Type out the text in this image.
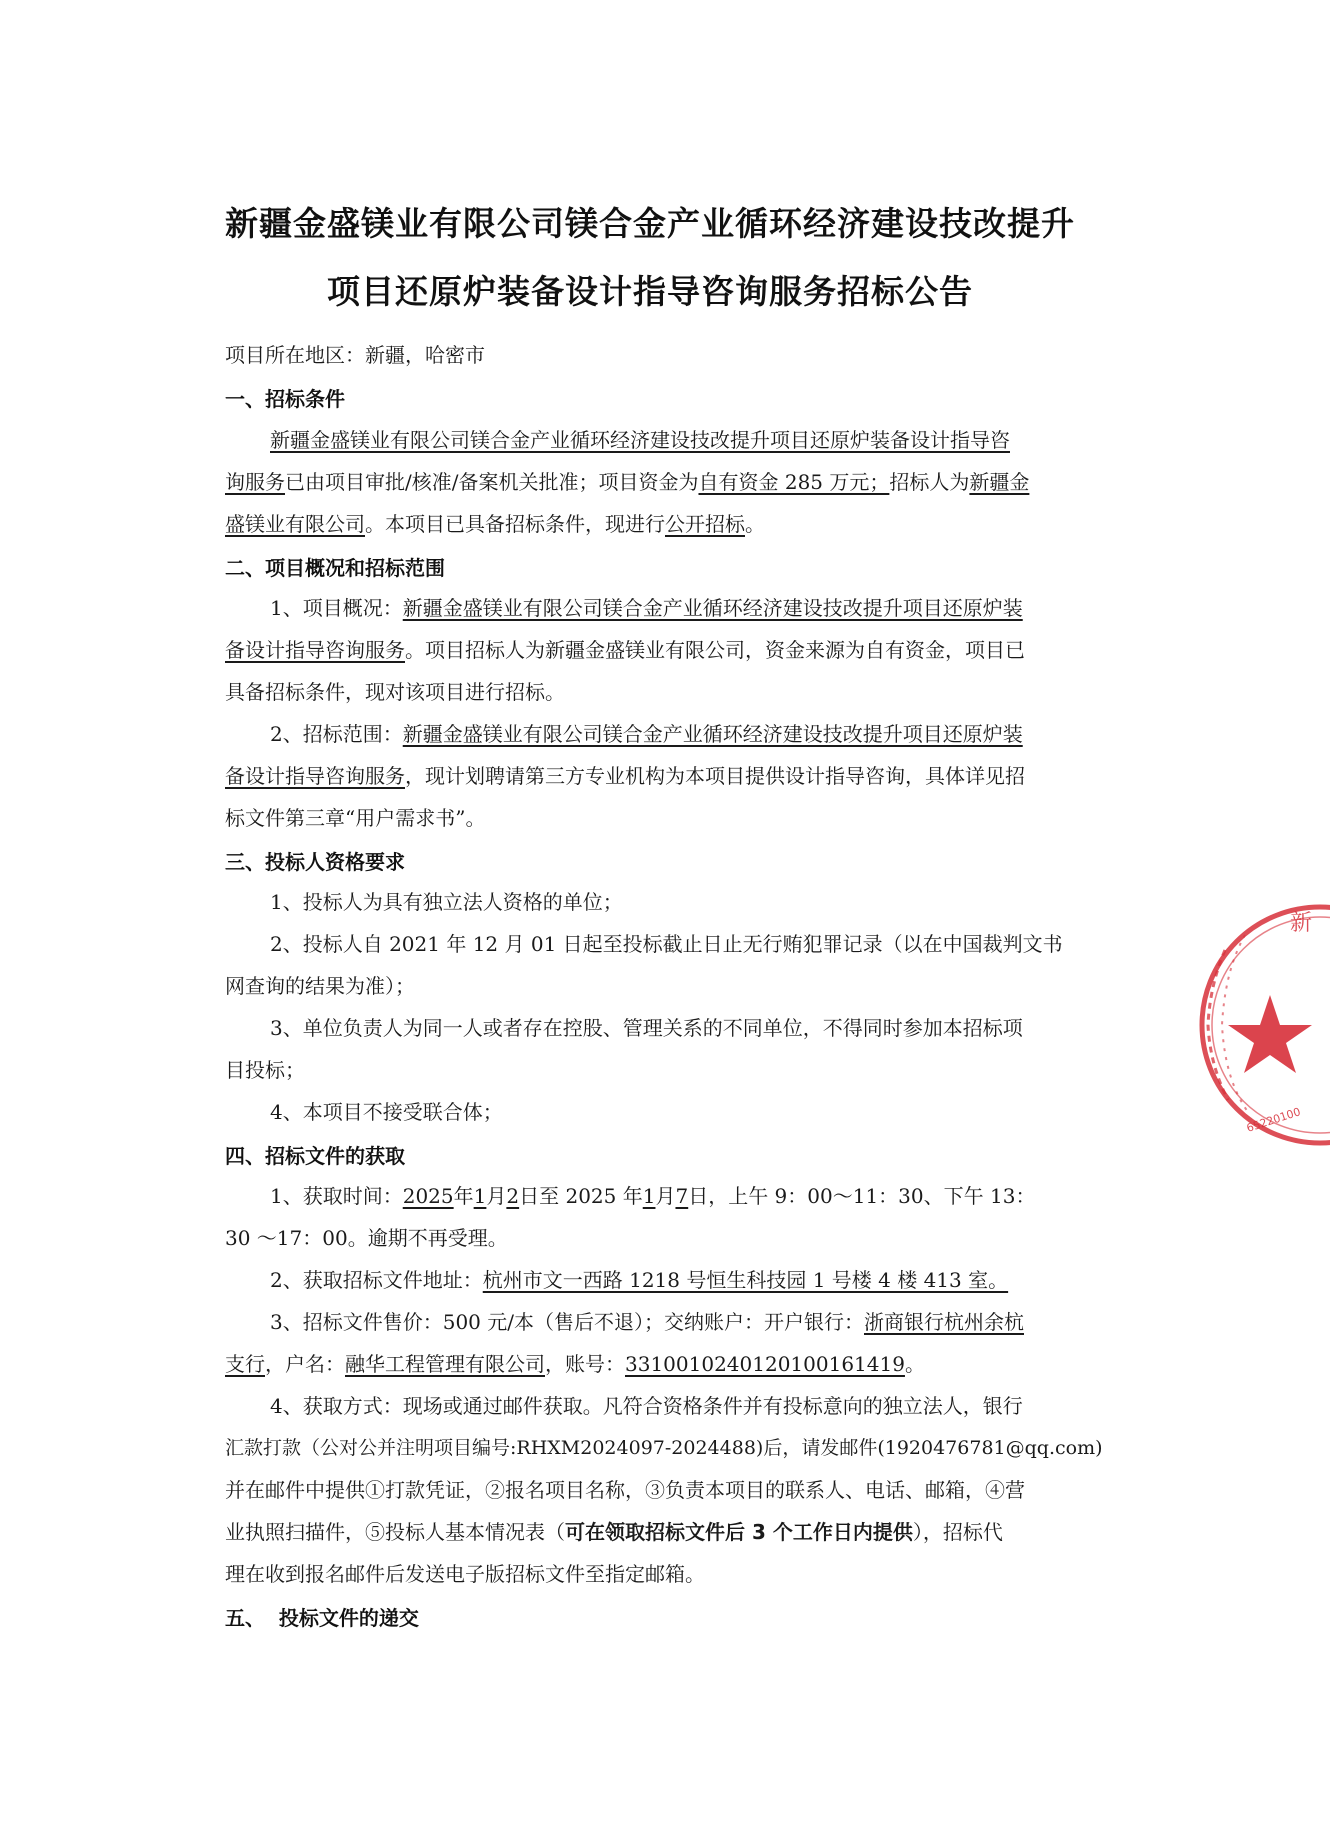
新疆金盛镁业有限公司镁合金产业循环经济建设技改提升
项目还原炉装备设计指导咨询服务招标公告
项目所在地区：新疆，哈密市
一、招标条件
新疆金盛镁业有限公司镁合金产业循环经济建设技改提升项目还原炉装备设计指导咨
询服务已由项目审批/核准/备案机关批准；项目资金为自有资金 285 万元；招标人为新疆金
盛镁业有限公司。本项目已具备招标条件，现进行公开招标。
二、项目概况和招标范围
1、项目概况：新疆金盛镁业有限公司镁合金产业循环经济建设技改提升项目还原炉装
备设计指导咨询服务。项目招标人为新疆金盛镁业有限公司，资金来源为自有资金，项目已
具备招标条件，现对该项目进行招标。
2、招标范围：新疆金盛镁业有限公司镁合金产业循环经济建设技改提升项目还原炉装
备设计指导咨询服务，现计划聘请第三方专业机构为本项目提供设计指导咨询，具体详见招
标文件第三章“用户需求书”。
三、投标人资格要求
1、投标人为具有独立法人资格的单位；
2、投标人自 2021 年 12 月 01 日起至投标截止日止无行贿犯罪记录（以在中国裁判文书
网查询的结果为准）；
3、单位负责人为同一人或者存在控股、管理关系的不同单位，不得同时参加本招标项
目投标；
4、本项目不接受联合体；
四、招标文件的获取
1、获取时间：2025年1月2日至 2025 年1月7日，上午 9：00～11：30、下午 13：
30 ～17：00。逾期不再受理。
2、获取招标文件地址：杭州市文一西路 1218 号恒生科技园 1 号楼 4 楼 413 室。
3、招标文件售价：500 元/本（售后不退）；交纳账户：开户银行：浙商银行杭州余杭
支行，户名：融华工程管理有限公司，账号：33100102401201001614​19。
4、获取方式：现场或通过邮件获取。凡符合资格条件并有投标意向的独立法人，银行
汇款打款（公对公并注明项目编号:RHXM2024097-2024488)后，请发邮件(1920476781@qq.com)
并在邮件中提供①打款凭证，②报名项目名称，③负责本项目的联系人、电话、邮箱，④营
业执照扫描件，⑤投标人基本情况表（可在领取招标文件后 3 个工作日内提供），招标代
理在收到报名邮件后发送电子版招标文件至指定邮箱。
五、  投标文件的递交
新
65220100
